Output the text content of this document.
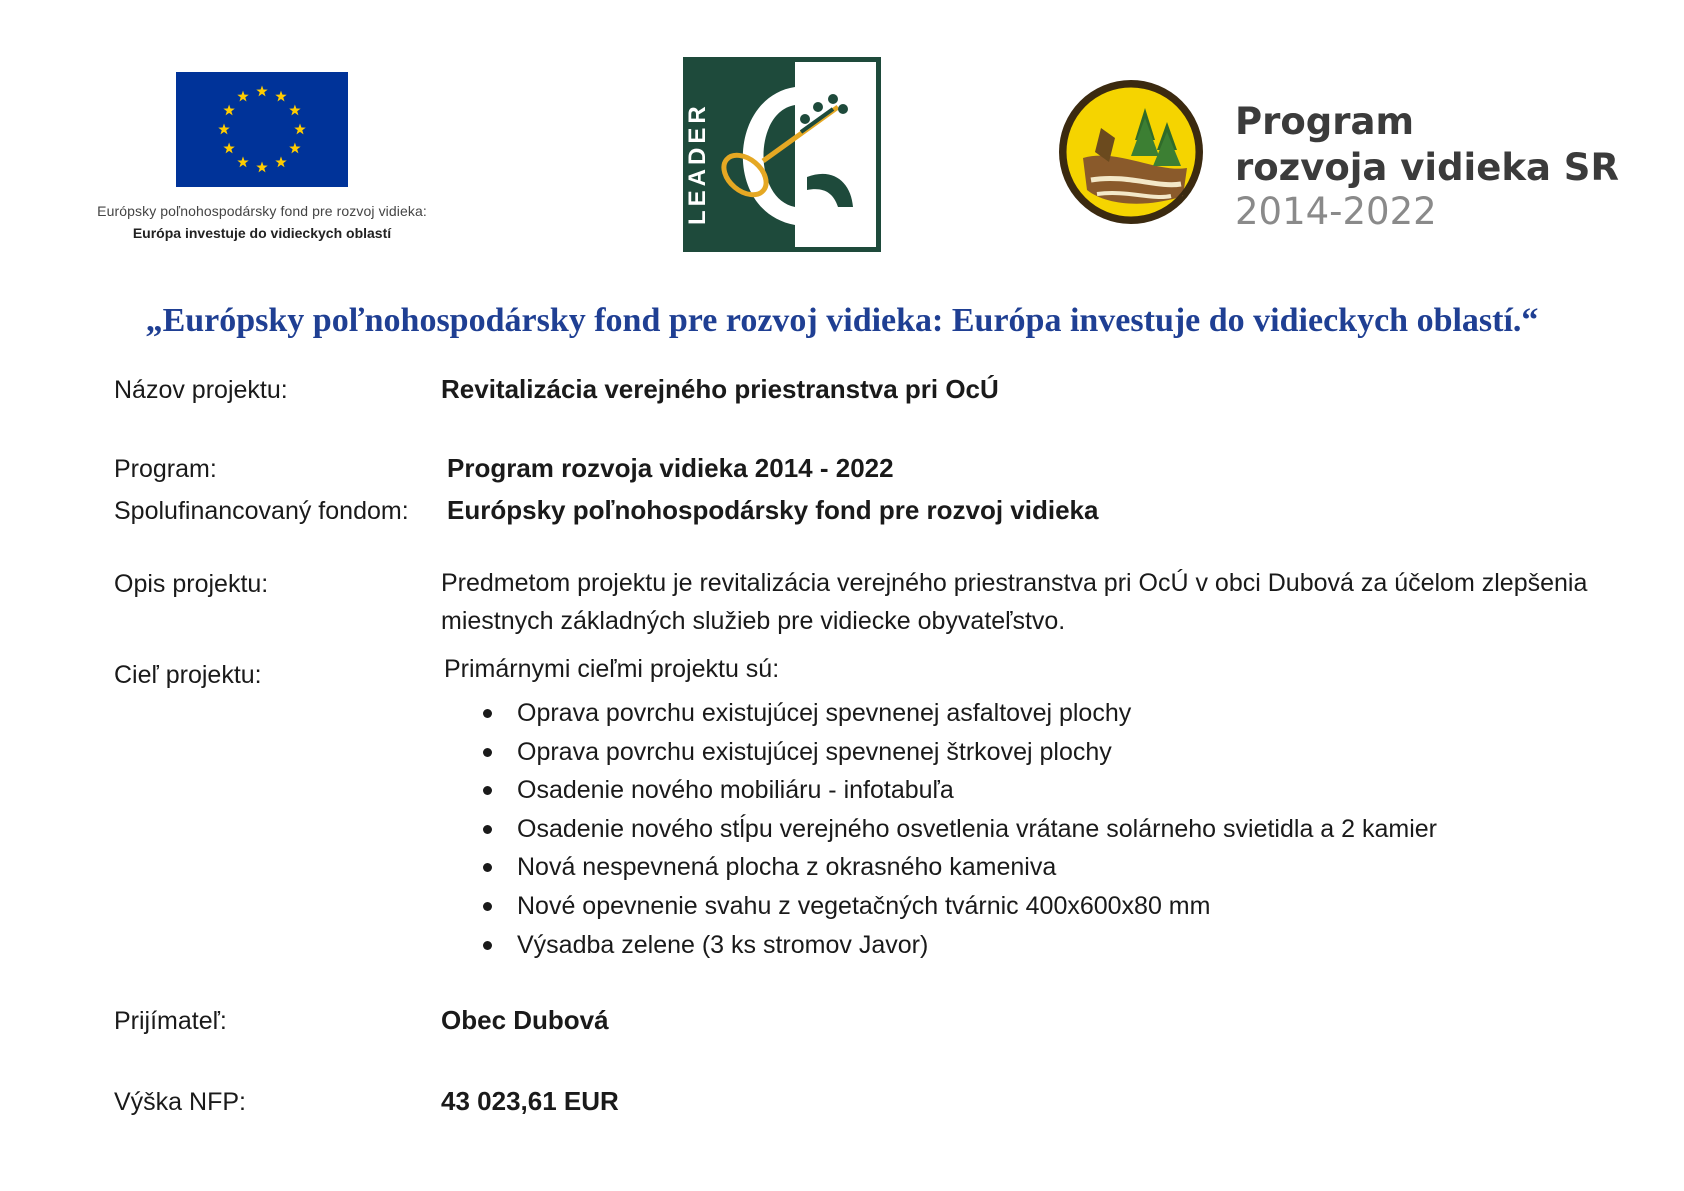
Európsky poľnohospodársky fond pre rozvoj vidieka:
Európa investuje do vidieckych oblastí
LEADER	Program
rozvoja vidieka SR
2014-2022
„Európsky poľnohospodársky fond pre rozvoj vidieka: Európa investuje do vidieckych oblastí.“
Názov projektu:	Revitalizácia verejného priestranstva pri OcÚ
Program:	Program rozvoja vidieka 2014 - 2022
Spolufinancovaný fondom: Európsky poľnohospodársky fond pre rozvoj vidieka
Opis projektu:	Predmetom projektu je revitalizácia verejného priestranstva pri OcÚ v obci Dubová za účelom zlepšenia miestnych základných služieb pre vidiecke obyvateľstvo.
Cieľ projektu:	Primárnymi cieľmi projektu sú:
Oprava povrchu existujúcej spevnenej asfaltovej plochy
Oprava povrchu existujúcej spevnenej štrkovej plochy
Osadenie nového mobiliáru - infotabuľa
Osadenie nového stĺpu verejného osvetlenia vrátane solárneho svietidla a 2 kamier
Nová nespevnená plocha z okrasného kameniva
Nové opevnenie svahu z vegetačných tvárnic 400x600x80 mm
Výsadba zelene (3 ks stromov Javor)
Prijímateľ:	Obec Dubová
Výška NFP:	43 023,61 EUR
